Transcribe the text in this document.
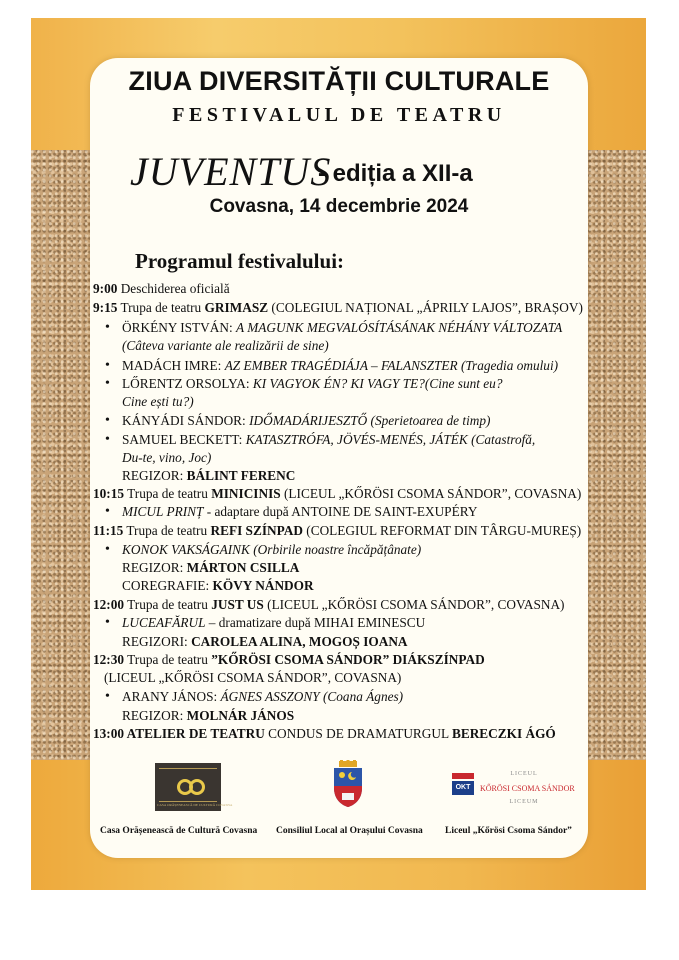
ZIUA DIVERSITĂȚII CULTURALE
FESTIVALUL DE TEATRU
JUVENTUS
- ediția a XII-a
Covasna, 14 decembrie 2024
Programul festivalului:
9:00 Deschiderea oficială
9:15 Trupa de teatru GRIMASZ (COLEGIUL NAȚIONAL „ÁPRILY LAJOS”, BRAȘOV)
• ÖRKÉNY ISTVÁN: A MAGUNK MEGVALÓSÍTÁSÁNAK NÉHÁNY VÁLTOZATA
(Câteva variante ale realizării de sine)
• MADÁCH IMRE: AZ EMBER TRAGÉDIÁJA – FALANSZTER (Tragedia omului)
• LŐRENTZ ORSOLYA: KI VAGYOK ÉN? KI VAGY TE?(Cine sunt eu?
Cine ești tu?)
• KÁNYÁDI SÁNDOR: IDŐMADÁRIJESZTŐ (Sperietoarea de timp)
• SAMUEL BECKETT: KATASZTRÓFA, JÖVÉS-MENÉS, JÁTÉK (Catastrofă,
Du-te, vino, Joc)
REGIZOR: BÁLINT FERENC
10:15 Trupa de teatru MINICINIS (LICEUL „KŐRÖSI CSOMA SÁNDOR”, COVASNA)
• MICUL PRINȚ - adaptare după ANTOINE DE SAINT-EXUPÉRY
11:15 Trupa de teatru REFI SZÍNPAD (COLEGIUL REFORMAT DIN TÂRGU-MUREȘ)
• KONOK VAKSÁGAINK (Orbirile noastre încăpățânate)
REGIZOR: MÁRTON CSILLA
COREGRAFIE: KÖVY NÁNDOR
12:00 Trupa de teatru JUST US (LICEUL „KŐRÖSI CSOMA SÁNDOR”, COVASNA)
• LUCEAFĂRUL – dramatizare după MIHAI EMINESCU
REGIZORI: CAROLEA ALINA, MOGOȘ IOANA
12:30 Trupa de teatru ”KŐRÖSI CSOMA SÁNDOR” DIÁKSZÍNPAD
(LICEUL „KŐRÖSI CSOMA SÁNDOR”, COVASNA)
• ARANY JÁNOS: ÁGNES ASSZONY (Coana Ágnes)
REGIZOR: MOLNÁR JÁNOS
13:00 ATELIER DE TEATRU CONDUS DE DRAMATURGUL BERECZKI ÁGÓ
CASA ORĂȘENEASCĂ DE CULTURĂ COVASNA
OKT
LICEUL
KŐRÖSI CSOMA SÁNDOR
LICEUM
Casa Orășenească de Cultură Covasna Consiliul Local al Orașului Covasna Liceul „Kőrösi Csoma Sándor”
